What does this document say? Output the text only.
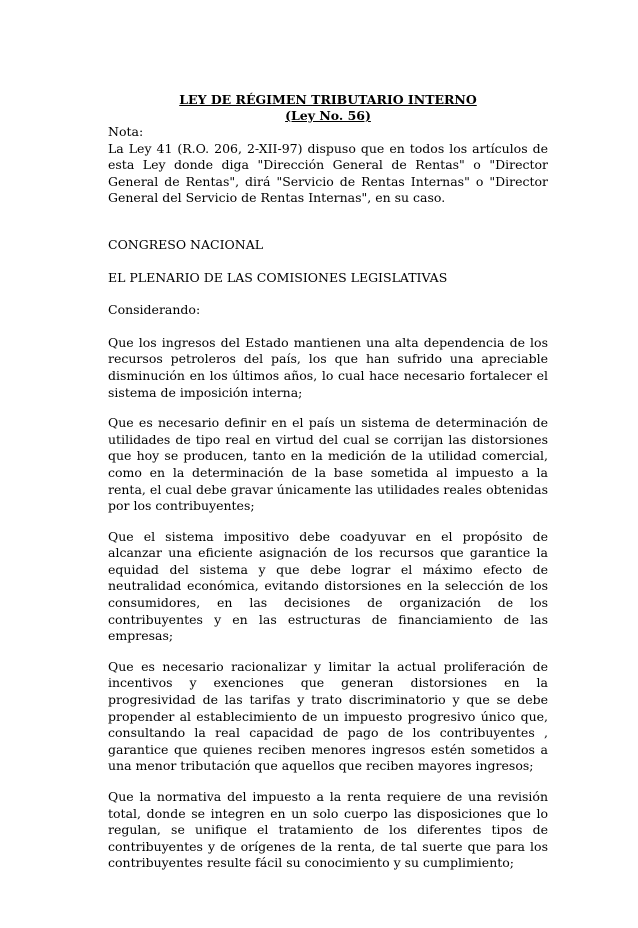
LEY DE RÉGIMEN TRIBUTARIO INTERNO

(Ley No. 56)

Nota:

La Ley 41 (R.O. 206, 2-XII-97) dispuso que en todos los artículos de esta Ley donde diga "Dirección General de Rentas" o "Director General de Rentas", dirá "Servicio de Rentas Internas" o "Director General del Servicio de Rentas Internas", en su caso.

CONGRESO NACIONAL

EL PLENARIO DE LAS COMISIONES LEGISLATIVAS

Considerando:

Que los ingresos del Estado mantienen una alta dependencia de los recursos petroleros del país, los que han sufrido una apreciable disminución en los últimos años, lo cual hace necesario fortalecer el sistema de imposición interna;

Que es necesario definir en el país un sistema de determinación de utilidades de tipo real en virtud del cual se corrijan las distorsiones que hoy se producen, tanto en la medición de la utilidad comercial, como en la determinación de la base sometida al impuesto a la renta, el cual debe gravar únicamente las utilidades reales obtenidas por los contribuyentes;

Que el sistema impositivo debe coadyuvar en el propósito de alcanzar una eficiente asignación de los recursos que garantice la equidad del sistema y que debe lograr el máximo efecto de neutralidad económica, evitando distorsiones en la selección de los consumidores, en las decisiones de organización de los contribuyentes y en las estructuras de financiamiento de las empresas;

Que es necesario racionalizar y limitar la actual proliferación de incentivos y exenciones que generan distorsiones en la progresividad de las tarifas y trato discriminatorio y que se debe propender al establecimiento de un impuesto progresivo único que, consultando la real capacidad de pago de los contribuyentes , garantice que quienes reciben menores ingresos estén sometidos a una menor tributación que aquellos que reciben mayores ingresos;

Que la normativa del impuesto a la renta requiere de una revisión total, donde se integren en un solo cuerpo las disposiciones que lo regulan, se unifique el tratamiento de los diferentes tipos de contribuyentes y de orígenes de la renta, de tal suerte que para los contribuyentes resulte fácil su conocimiento y su cumplimiento;
